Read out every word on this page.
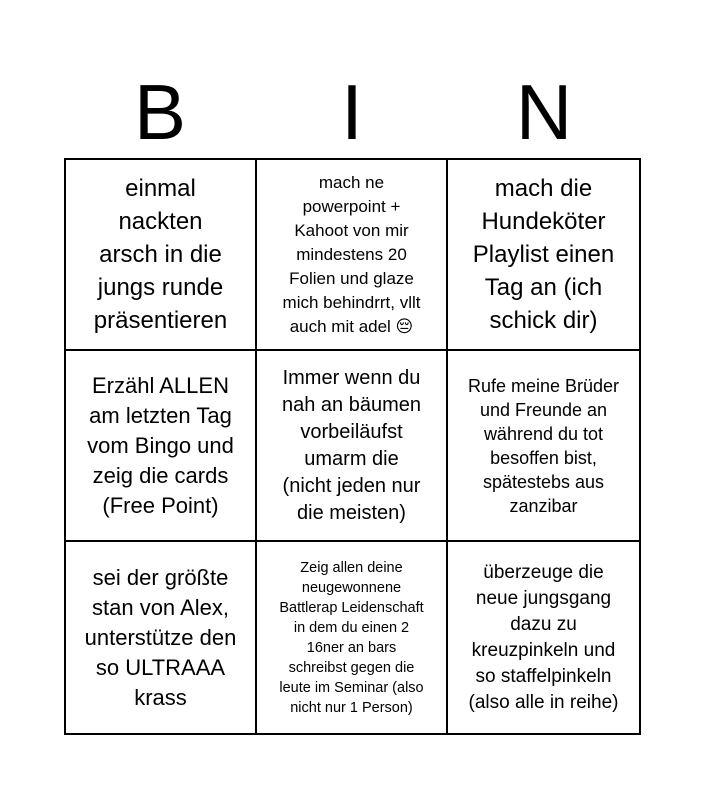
B	I	N
einmal
nackten
arsch in die
jungs runde
präsentieren
mach ne
powerpoint +
Kahoot von mir
mindestens 20
Folien und glaze
mich behindrrt, vllt
auch mit adel 😔
mach die
Hundeköter
Playlist einen
Tag an (ich
schick dir)
Erzähl ALLEN
am letzten Tag
vom Bingo und
zeig die cards
(Free Point)
Immer wenn du
nah an bäumen
vorbeiläufst
umarm die
(nicht jeden nur
die meisten)
Rufe meine Brüder
und Freunde an
während du tot
besoffen bist,
spätestebs aus
zanzibar
sei der größte
stan von Alex,
unterstütze den
so ULTRAAA
krass
Zeig allen deine
neugewonnene
Battlerap Leidenschaft
in dem du einen 2
16ner an bars
schreibst gegen die
leute im Seminar (also
nicht nur 1 Person)
überzeuge die
neue jungsgang
dazu zu
kreuzpinkeln und
so staffelpinkeln
(also alle in reihe)
